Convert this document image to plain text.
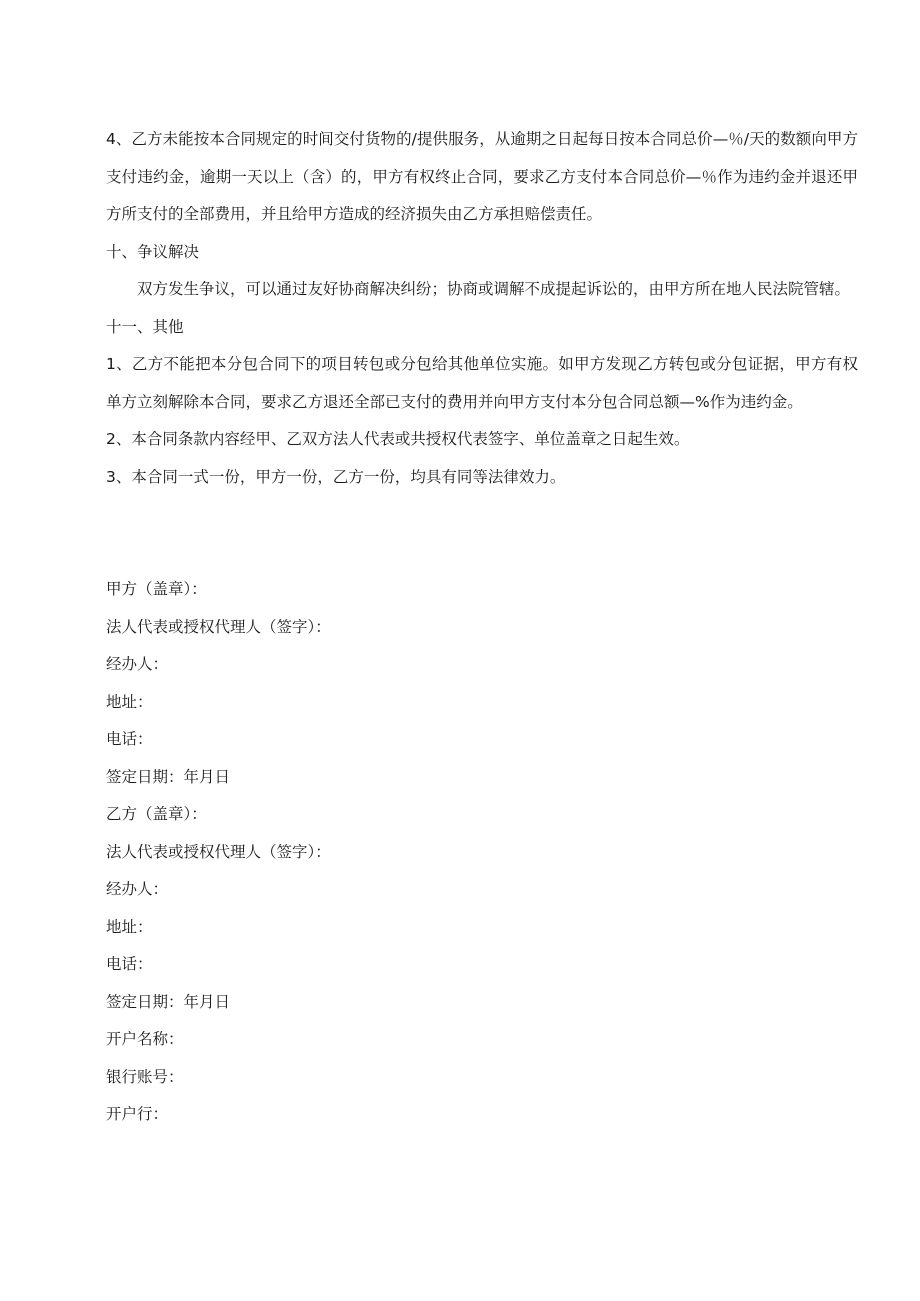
4、乙方未能按本合同规定的时间交付货物的/提供服务，从逾期之日起每日按本合同总价—％/天的数额向甲方支付违约金，逾期一天以上（含）的，甲方有权终止合同，要求乙方支付本合同总价—％作为违约金并退还甲方所支付的全部费用，并且给甲方造成的经济损失由乙方承担赔偿责任。

十、争议解决

双方发生争议，可以通过友好协商解决纠纷；协商或调解不成提起诉讼的，由甲方所在地人民法院管辖。

十一、其他

1、乙方不能把本分包合同下的项目转包或分包给其他单位实施。如甲方发现乙方转包或分包证据，甲方有权单方立刻解除本合同，要求乙方退还全部已支付的费用并向甲方支付本分包合同总额—%作为违约金。

2、本合同条款内容经甲、乙双方法人代表或共授权代表签字、单位盖章之日起生效。

3、本合同一式一份，甲方一份，乙方一份，均具有同等法律效力。

甲方（盖章）：

法人代表或授权代理人（签字）：

经办人：

地址：

电话：

签定日期：年月日

乙方（盖章）：

法人代表或授权代理人（签字）：

经办人：

地址：

电话：

签定日期：年月日

开户名称：

银行账号：

开户行：
